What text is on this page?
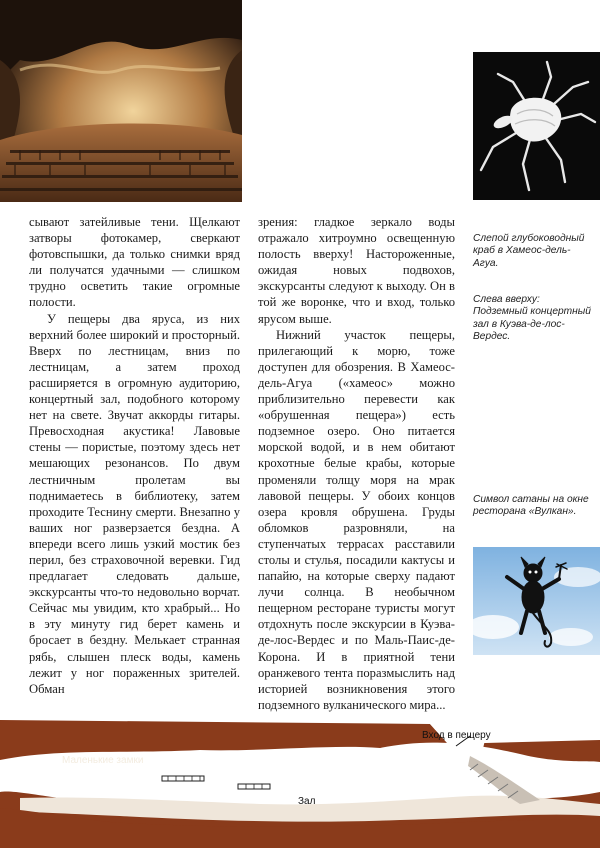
сывают затейливые тени. Щелкают затворы фотокамер, сверкают фотовспышки, да только снимки вряд ли получатся удачными — слишком трудно осветить такие огромные полости.

У пещеры два яруса, из них верхний более широкий и просторный. Вверх по лестницам, вниз по лестницам, а затем проход расширяется в огромную аудиторию, концертный зал, подобного которому нет на свете. Звучат аккорды гитары. Превосходная акустика! Лавовые стены — пористые, поэтому здесь нет мешающих резонансов. По двум лестничным пролетам вы поднимаетесь в библиотеку, затем проходите Теснину смерти. Внезапно у ваших ног разверзается бездна. А впереди всего лишь узкий мостик без перил, без страховочной веревки. Гид предлагает следовать дальше, экскурсанты что-то недовольно ворчат. Сейчас мы увидим, кто храбрый... Но в эту минуту гид берет камень и бросает в бездну. Мелькает странная рябь, слышен плеск воды, камень лежит у ног пораженных зрителей. Обман

зрения: гладкое зеркало воды отражало хитроумно освещенную полость вверху! Настороженные, ожидая новых подвохов, экскурсанты следуют к выходу. Он в той же воронке, что и вход, только ярусом выше.

Нижний участок пещеры, прилегающий к морю, тоже доступен для обозрения. В Хамеос-дель-Агуа («хамеос» можно приблизительно перевести как «обрушенная пещера») есть подземное озеро. Оно питается морской водой, и в нем обитают крохотные белые крабы, которые променяли толщу моря на мрак лавовой пещеры. У обоих концов озера кровля обрушена. Груды обломков разровняли, на ступенчатых террасах расставили столы и стулья, посадили кактусы и папайю, на которые сверху падают лучи солнца. В необычном пещерном ресторане туристы могут отдохнуть после экскурсии в Куэва-де-лос-Вердес и по Маль-Паис-де-Корона. И в приятной тени оранжевого тента поразмыслить над историей возникновения этого подземного вулканического мира...

Слепой глубоководный краб в Хамеос-дель-Агуа.
Слева вверху: Подземный концертный зал в Куэва-де-лос-Вердес.
Символ сатаны на окне ресторана «Вулкан».
Вход в пещеру
Маленькие замки
Зал
